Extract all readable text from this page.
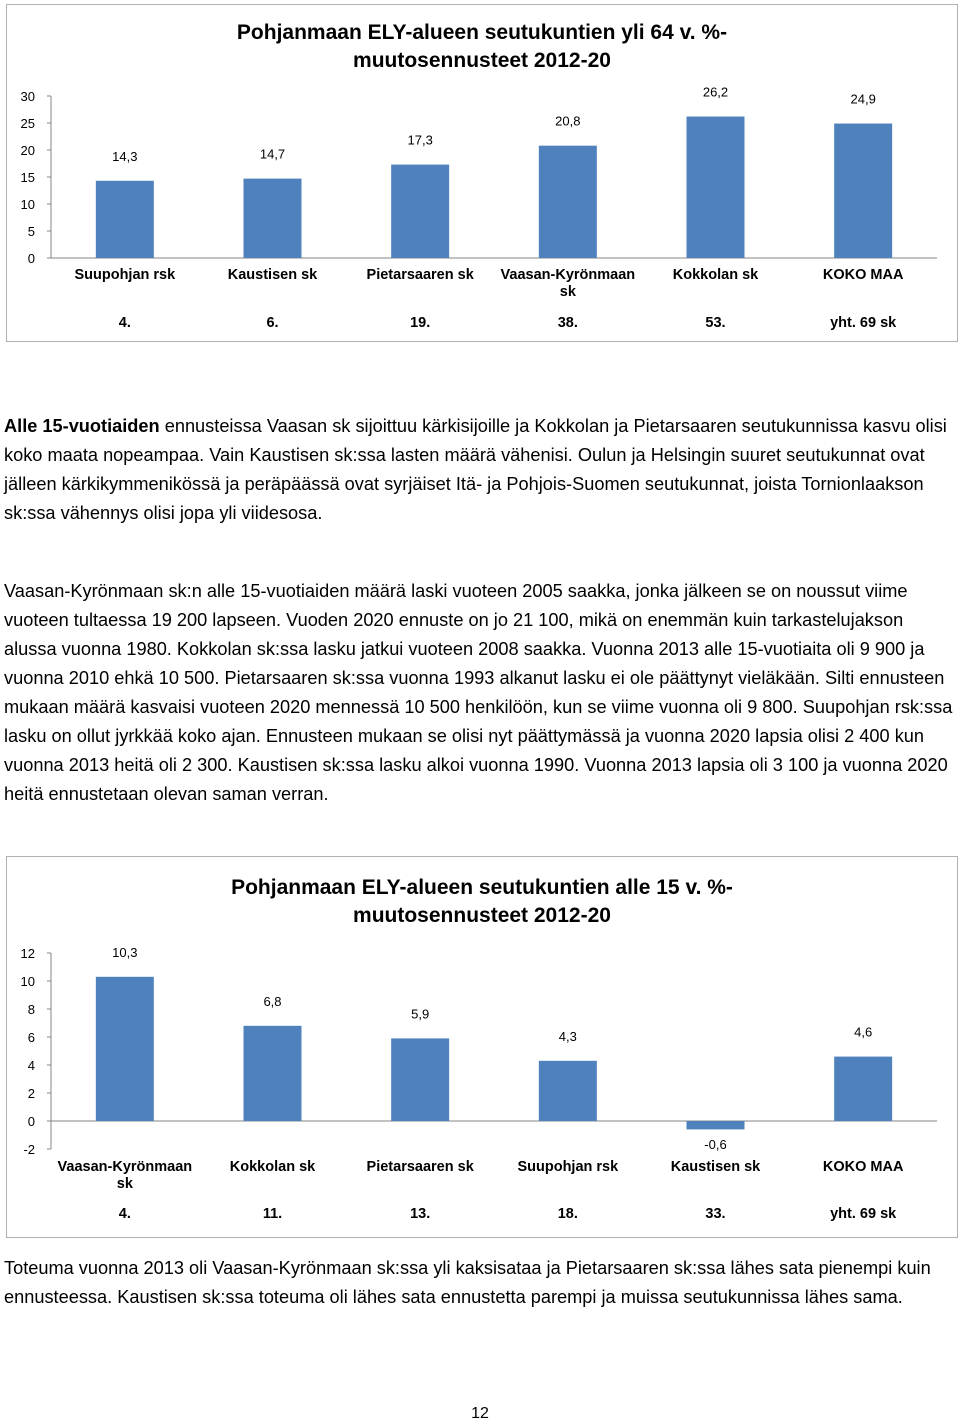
Pohjanmaan ELY-alueen seutukuntien yli 64 v. %-
muutosennusteet 2012-20
0
5
10
15
20
25
30
14,3
Suupohjan rsk
4.
14,7
Kaustisen sk
6.
17,3
Pietarsaaren sk
19.
20,8
Vaasan-Kyrönmaan
sk
38.
26,2
Kokkolan sk
53.
24,9
KOKO MAA
yht. 69 sk

Alle 15-vuotiaiden ennusteissa Vaasan sk sijoittuu kärkisijoille ja Kokkolan ja Pietarsaaren seutukunnissa kasvu olisi koko maata nopeampaa. Vain Kaustisen sk:ssa lasten määrä vähenisi. Oulun ja Helsingin suuret seutukunnat ovat jälleen kärkikymmenikössä ja peräpäässä ovat syrjäiset Itä- ja Pohjois-Suomen seutukunnat, joista Tornionlaakson sk:ssa vähennys olisi jopa yli viidesosa.

Vaasan-Kyrönmaan sk:n alle 15-vuotiaiden määrä laski vuoteen 2005 saakka, jonka jälkeen se on noussut viime vuoteen tultaessa 19 200 lapseen. Vuoden 2020 ennuste on jo 21 100, mikä on enemmän kuin tarkastelujakson alussa vuonna 1980. Kokkolan sk:ssa lasku jatkui vuoteen 2008 saakka. Vuonna 2013 alle 15-vuotiaita oli 9 900 ja vuonna 2010 ehkä 10 500. Pietarsaaren sk:ssa vuonna 1993 alkanut lasku ei ole päättynyt vieläkään. Silti ennusteen mukaan määrä kasvaisi vuoteen 2020 mennessä 10 500 henkilöön, kun se viime vuonna oli 9 800. Suupohjan rsk:ssa lasku on ollut jyrkkää koko ajan. Ennusteen mukaan se olisi nyt päättymässä ja vuonna 2020 lapsia olisi 2 400 kun vuonna 2013 heitä oli 2 300. Kaustisen sk:ssa lasku alkoi vuonna 1990. Vuonna 2013 lapsia oli 3 100 ja vuonna 2020 heitä ennustetaan olevan saman verran.

Pohjanmaan ELY-alueen seutukuntien alle 15 v. %-
muutosennusteet 2012-20
-2
0
2
4
6
8
10
12	10,3
Vaasan-Kyrönmaan
sk
4.
6,8
Kokkolan sk
11.
5,9
Pietarsaaren sk
13.
4,3
Suupohjan rsk
18.
-0,6
Kaustisen sk
33.
4,6
KOKO MAA
yht. 69 sk

Toteuma vuonna 2013 oli Vaasan-Kyrönmaan sk:ssa yli kaksisataa ja Pietarsaaren sk:ssa lähes sata pienempi kuin ennusteessa. Kaustisen sk:ssa toteuma oli lähes sata ennustetta parempi ja muissa seutukunnissa lähes sama.

12
